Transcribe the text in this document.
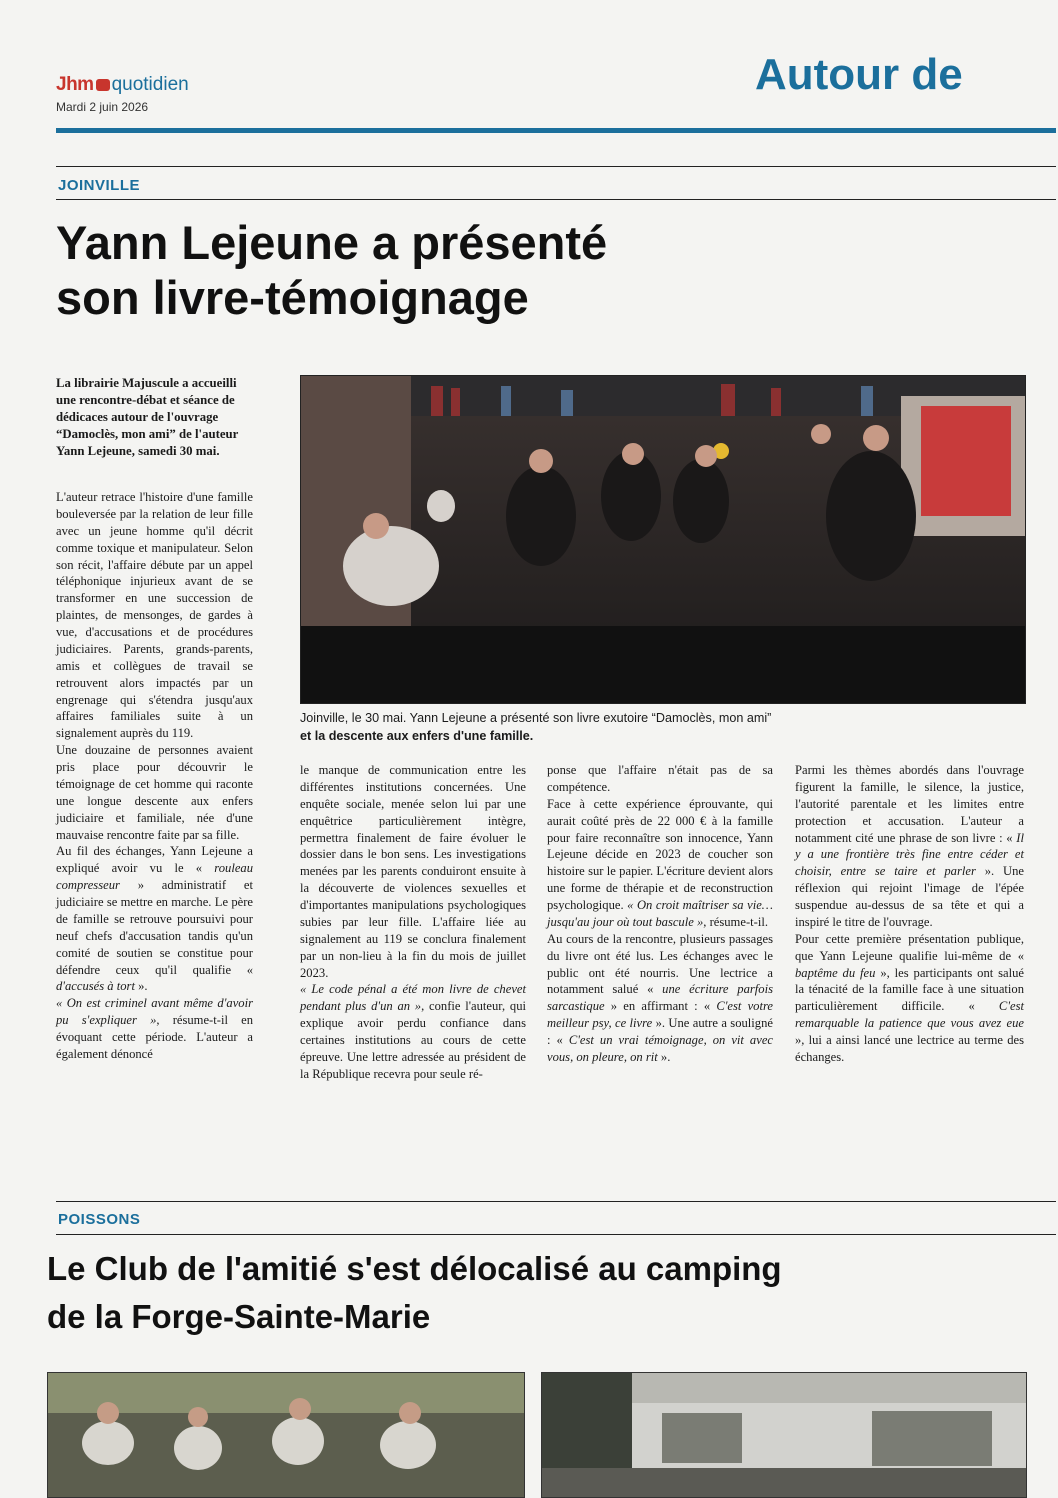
Jhm quotidien
Mardi 2 juin 2026
Autour de
JOINVILLE
Yann Lejeune a présenté
son livre-témoignage
La librairie Majuscule a accueilli une rencontre-débat et séance de dédicaces autour de l'ouvrage “Damoclès, mon ami” de l'auteur Yann Lejeune, samedi 30 mai.
Joinville, le 30 mai. Yann Lejeune a présenté son livre exutoire “Damoclès, mon ami”
et la descente aux enfers d'une famille.

L'auteur retrace l'histoire d'une famille bouleversée par la relation de leur fille avec un jeune homme qu'il décrit comme toxique et manipulateur. Selon son récit, l'affaire débute par un appel téléphonique injurieux avant de se transformer en une succession de plaintes, de mensonges, de gardes à vue, d'accusations et de procédures judiciaires. Parents, grands-parents, amis et collègues de travail se retrouvent alors impactés par un engrenage qui s'étendra jusqu'aux affaires familiales suite à un signalement auprès du 119.

Une douzaine de personnes avaient pris place pour découvrir le témoignage de cet homme qui raconte une longue descente aux enfers judiciaire et familiale, née d'une mauvaise rencontre faite par sa fille.

Au fil des échanges, Yann Lejeune a expliqué avoir vu le « rouleau compresseur » administratif et judiciaire se mettre en marche. Le père de famille se retrouve poursuivi pour neuf chefs d'accusation tandis qu'un comité de soutien se constitue pour défendre ceux qu'il qualifie « d'accusés à tort ».

« On est criminel avant même d'avoir pu s'expliquer », résume-t-il en évoquant cette période. L'auteur a également dénoncé

le manque de communication entre les différentes institutions concernées. Une enquête sociale, menée selon lui par une enquêtrice particulièrement intègre, permettra finalement de faire évoluer le dossier dans le bon sens. Les investigations menées par les parents conduiront ensuite à la découverte de violences sexuelles et d'importantes manipulations psychologiques subies par leur fille. L'affaire liée au signalement au 119 se conclura finalement par un non-lieu à la fin du mois de juillet 2023.

« Le code pénal a été mon livre de chevet pendant plus d'un an », confie l'auteur, qui explique avoir perdu confiance dans certaines institutions au cours de cette épreuve. Une lettre adressée au président de la République recevra pour seule ré-

ponse que l'affaire n'était pas de sa compétence.

Face à cette expérience éprouvante, qui aurait coûté près de 22 000 € à la famille pour faire reconnaître son innocence, Yann Lejeune décide en 2023 de coucher son histoire sur le papier. L'écriture devient alors une forme de thérapie et de reconstruction psychologique. « On croit maîtriser sa vie… jusqu'au jour où tout bascule », résume-t-il.

Au cours de la rencontre, plusieurs passages du livre ont été lus. Les échanges avec le public ont été nourris. Une lectrice a notamment salué « une écriture parfois sarcastique » en affirmant : « C'est votre meilleur psy, ce livre ». Une autre a souligné : « C'est un vrai témoignage, on vit avec vous, on pleure, on rit ».

Parmi les thèmes abordés dans l'ouvrage figurent la famille, le silence, la justice, l'autorité parentale et les limites entre protection et accusation. L'auteur a notamment cité une phrase de son livre : « Il y a une frontière très fine entre céder et choisir, entre se taire et parler ». Une réflexion qui rejoint l'image de l'épée suspendue au-dessus de sa tête et qui a inspiré le titre de l'ouvrage.

Pour cette première présentation publique, que Yann Lejeune qualifie lui-même de « baptême du feu », les participants ont salué la ténacité de la famille face à une situation particulièrement difficile. « C'est remarquable la patience que vous avez eue », lui a ainsi lancé une lectrice au terme des échanges.

POISSONS
Le Club de l'amitié s'est délocalisé au camping
de la Forge-Sainte-Marie
